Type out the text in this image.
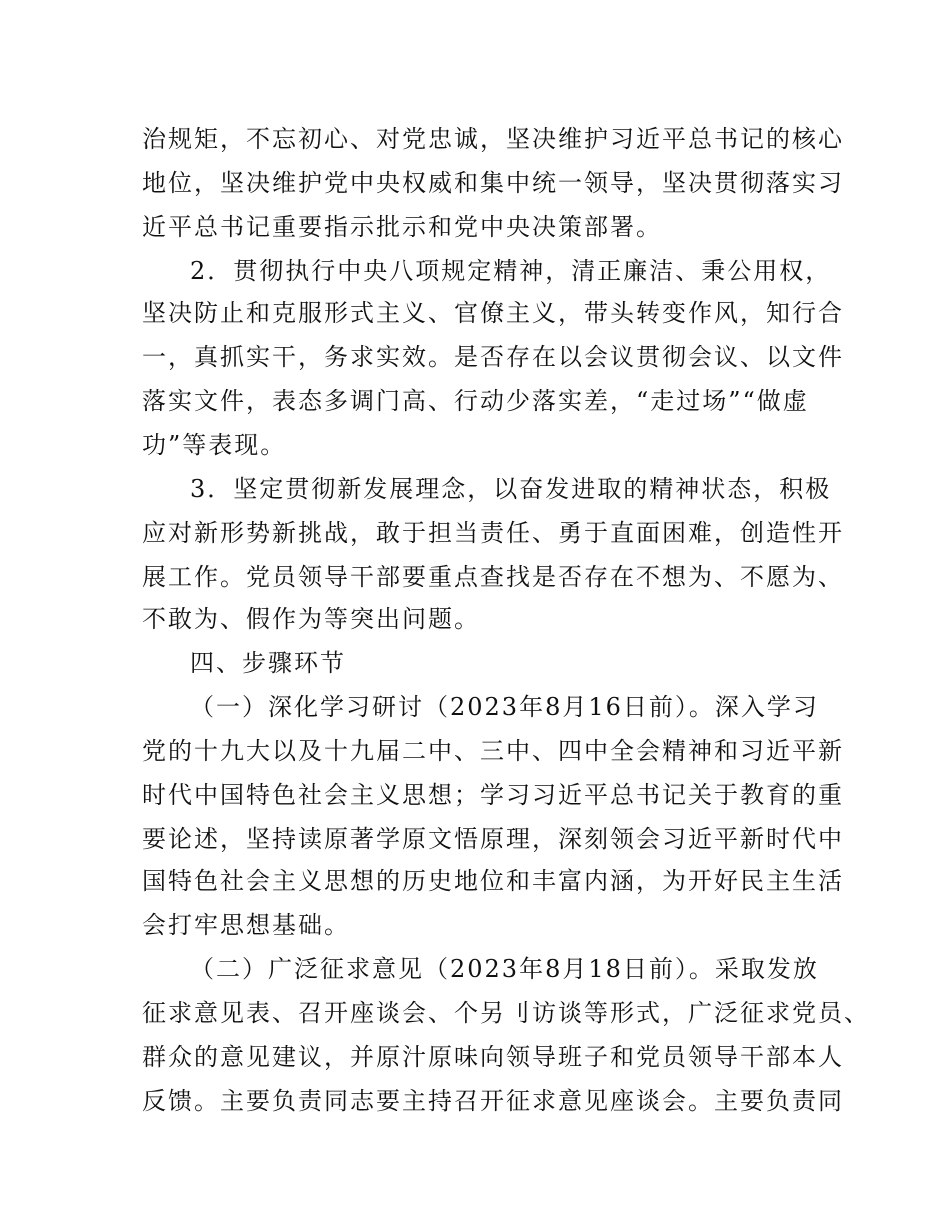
治规矩，不忘初心、对党忠诚，坚决维护习近平总书记的核心
地位，坚决维护党中央权威和集中统一领导，坚决贯彻落实习
近平总书记重要指示批示和党中央决策部署。
2．贯彻执行中央八项规定精神，清正廉洁、秉公用权，
坚决防止和克服形式主义、官僚主义，带头转变作风，知行合
一，真抓实干，务求实效。是否存在以会议贯彻会议、以文件
落实文件，表态多调门高、行动少落实差，“走过场”“做虚
功”等表现。
3．坚定贯彻新发展理念，以奋发进取的精神状态，积极
应对新形势新挑战，敢于担当责任、勇于直面困难，创造性开
展工作。党员领导干部要重点查找是否存在不想为、不愿为、
不敢为、假作为等突出问题。
四、步骤环节
（一）深化学习研讨（2023年8月16日前）。深入学习
党的十九大以及十九届二中、三中、四中全会精神和习近平新
时代中国特色社会主义思想；学习习近平总书记关于教育的重
要论述，坚持读原著学原文悟原理，深刻领会习近平新时代中
国特色社会主义思想的历史地位和丰富内涵，为开好民主生活
会打牢思想基础。
（二）广泛征求意见（2023年8月18日前）。采取发放
征求意见表、召开座谈会、个另刂访谈等形式，广泛征求党员、
群众的意见建议，并原汁原味向领导班子和党员领导干部本人
反馈。主要负责同志要主持召开征求意见座谈会。主要负责同
